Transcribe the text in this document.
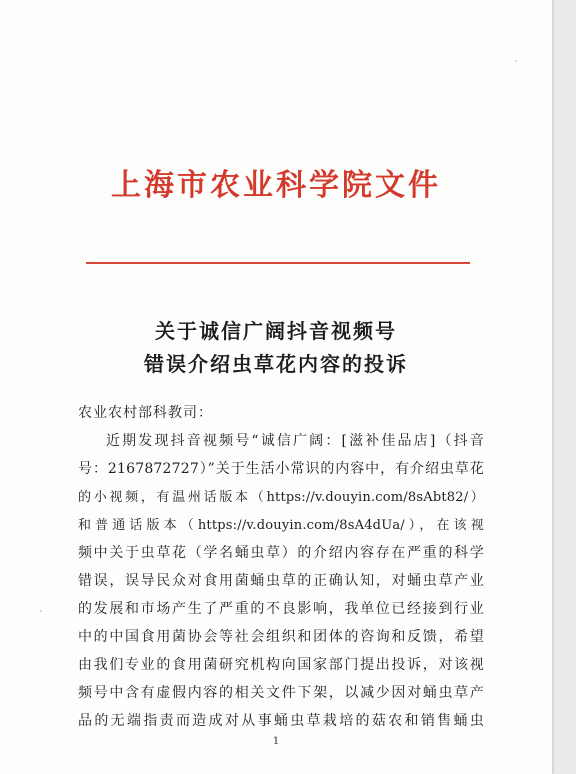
上海市农业科学院文件
关于诚信广阔抖音视频号
错误介绍虫草花内容的投诉
农业农村部科教司：
近期发现抖音视频号“诚信广阔：[滋补佳品店]（抖音
号：2167872727）”关于生活小常识的内容中，有介绍虫草花
的小视频，有温州话版本（https://v.douyin.com/8sAbt82/）
和普通话版本（https://v.douyin.com/8sA4dUa/），在该视
频中关于虫草花（学名蛹虫草）的介绍内容存在严重的科学
错误，误导民众对食用菌蛹虫草的正确认知，对蛹虫草产业
的发展和市场产生了严重的不良影响，我单位已经接到行业
中的中国食用菌协会等社会组织和团体的咨询和反馈，希望
由我们专业的食用菌研究机构向国家部门提出投诉，对该视
频号中含有虚假内容的相关文件下架，以减少因对蛹虫草产
品的无端指责而造成对从事蛹虫草栽培的菇农和销售蛹虫
1
